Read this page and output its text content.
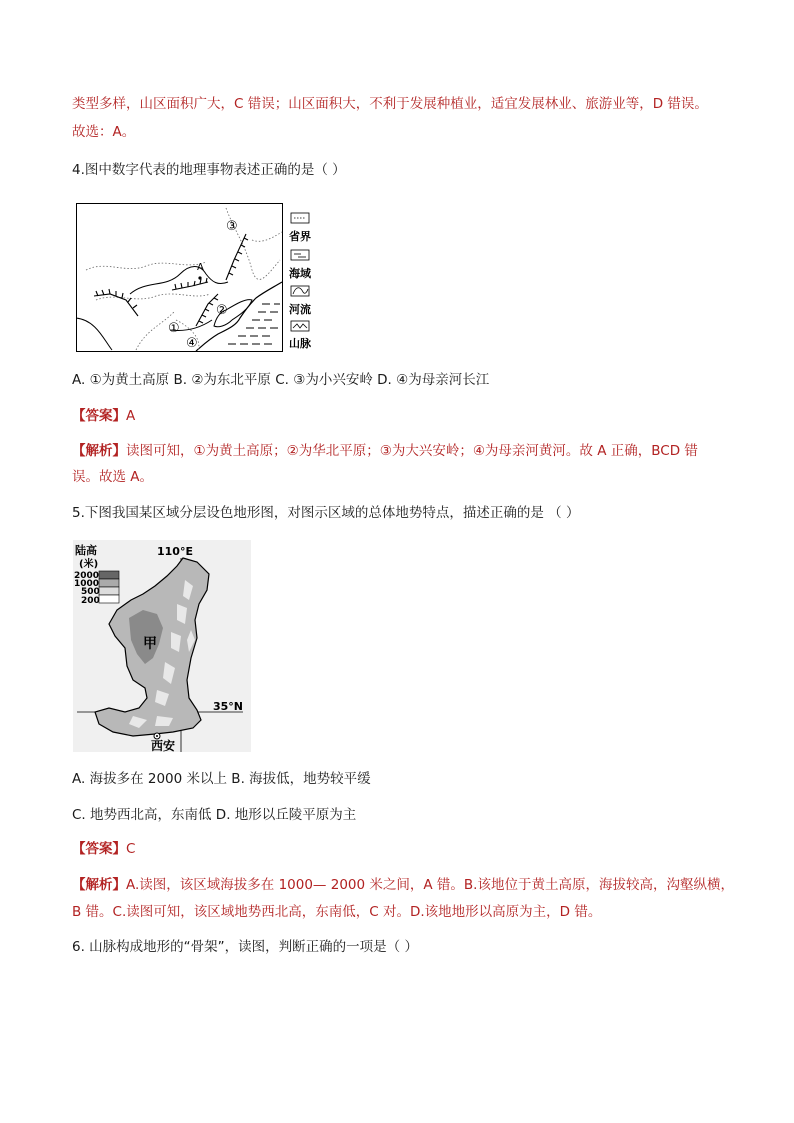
类型多样，山区面积广大，C 错误；山区面积大，不利于发展种植业，适宜发展林业、旅游业等，D 错误。
故选：A。
4.图中数字代表的地理事物表述正确的是（ ）
A
①
②
③
④
省界
海域
河流
山脉
A. ①为黄土高原 B. ②为东北平原 C. ③为小兴安岭 D. ④为母亲河长江
【答案】A
【解析】读图可知，①为黄土高原；②为华北平原；③为大兴安岭；④为母亲河黄河。故 A 正确，BCD 错
误。故选 A。
5.下图我国某区域分层设色地形图，对图示区域的总体地势特点，描述正确的是 （ ）
陆高
(米)
2000
1000
500
200
110°E
35°N
甲
西安
A. 海拔多在 2000 米以上 B. 海拔低，地势较平缓
C. 地势西北高，东南低 D. 地形以丘陵平原为主
【答案】C
【解析】A.读图，该区域海拔多在 1000— 2000 米之间，A 错。B.该地位于黄土高原，海拔较高，沟壑纵横，
B 错。C.读图可知，该区域地势西北高，东南低，C 对。D.该地地形以高原为主，D 错。
6. 山脉构成地形的“骨架”，读图，判断正确的一项是（ ）
